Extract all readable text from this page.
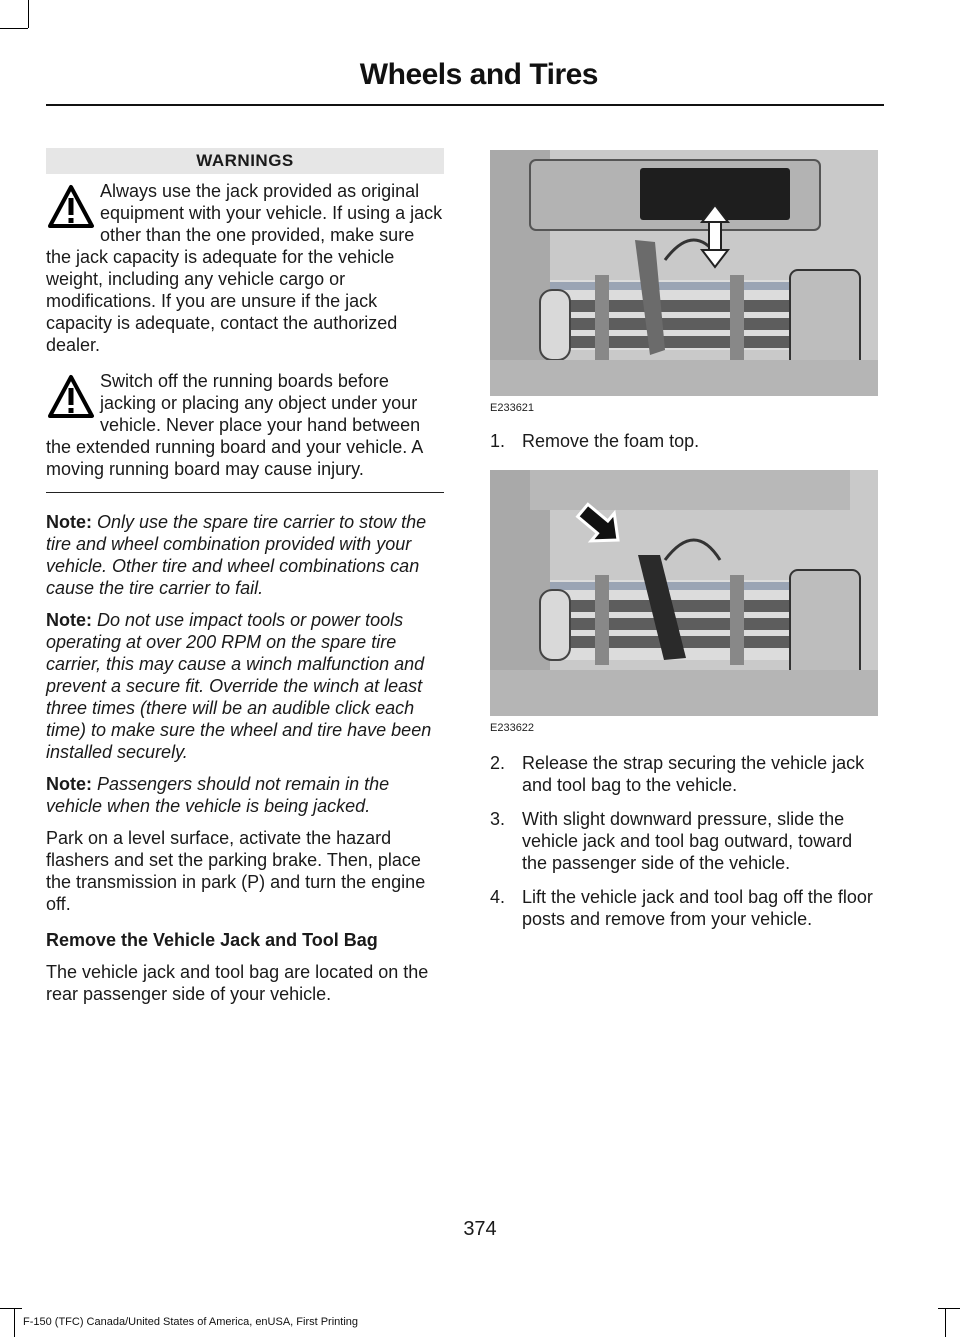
Wheels and Tires
WARNINGS
Always use the jack provided as original equipment with your vehicle. If using a jack other than the one provided, make sure the jack capacity is adequate for the vehicle weight, including any vehicle cargo or modifications. If you are unsure if the jack capacity is adequate, contact the authorized dealer.
Switch off the running boards before jacking or placing any object under your vehicle. Never place your hand between the extended running board and your vehicle. A moving running board may cause injury.

Note: Only use the spare tire carrier to stow the tire and wheel combination provided with your vehicle. Other tire and wheel combinations can cause the tire carrier to fail.

Note: Do not use impact tools or power tools operating at over 200 RPM on the spare tire carrier, this may cause a winch malfunction and prevent a secure fit. Override the winch at least three times (there will be an audible click each time) to make sure the wheel and tire have been installed securely.

Note: Passengers should not remain in the vehicle when the vehicle is being jacked.

Park on a level surface, activate the hazard flashers and set the parking brake. Then, place the transmission in park (P) and turn the engine off.

Remove the Vehicle Jack and Tool Bag

The vehicle jack and tool bag are located on the rear passenger side of your vehicle.

E233621
1. Remove the foam top.
E233622
2. Release the strap securing the vehicle jack and tool bag to the vehicle.
3. With slight downward pressure, slide the vehicle jack and tool bag outward, toward the passenger side of the vehicle.
4. Lift the vehicle jack and tool bag off the floor posts and remove from your vehicle.
374
F-150 (TFC) Canada/United States of America, enUSA, First Printing
